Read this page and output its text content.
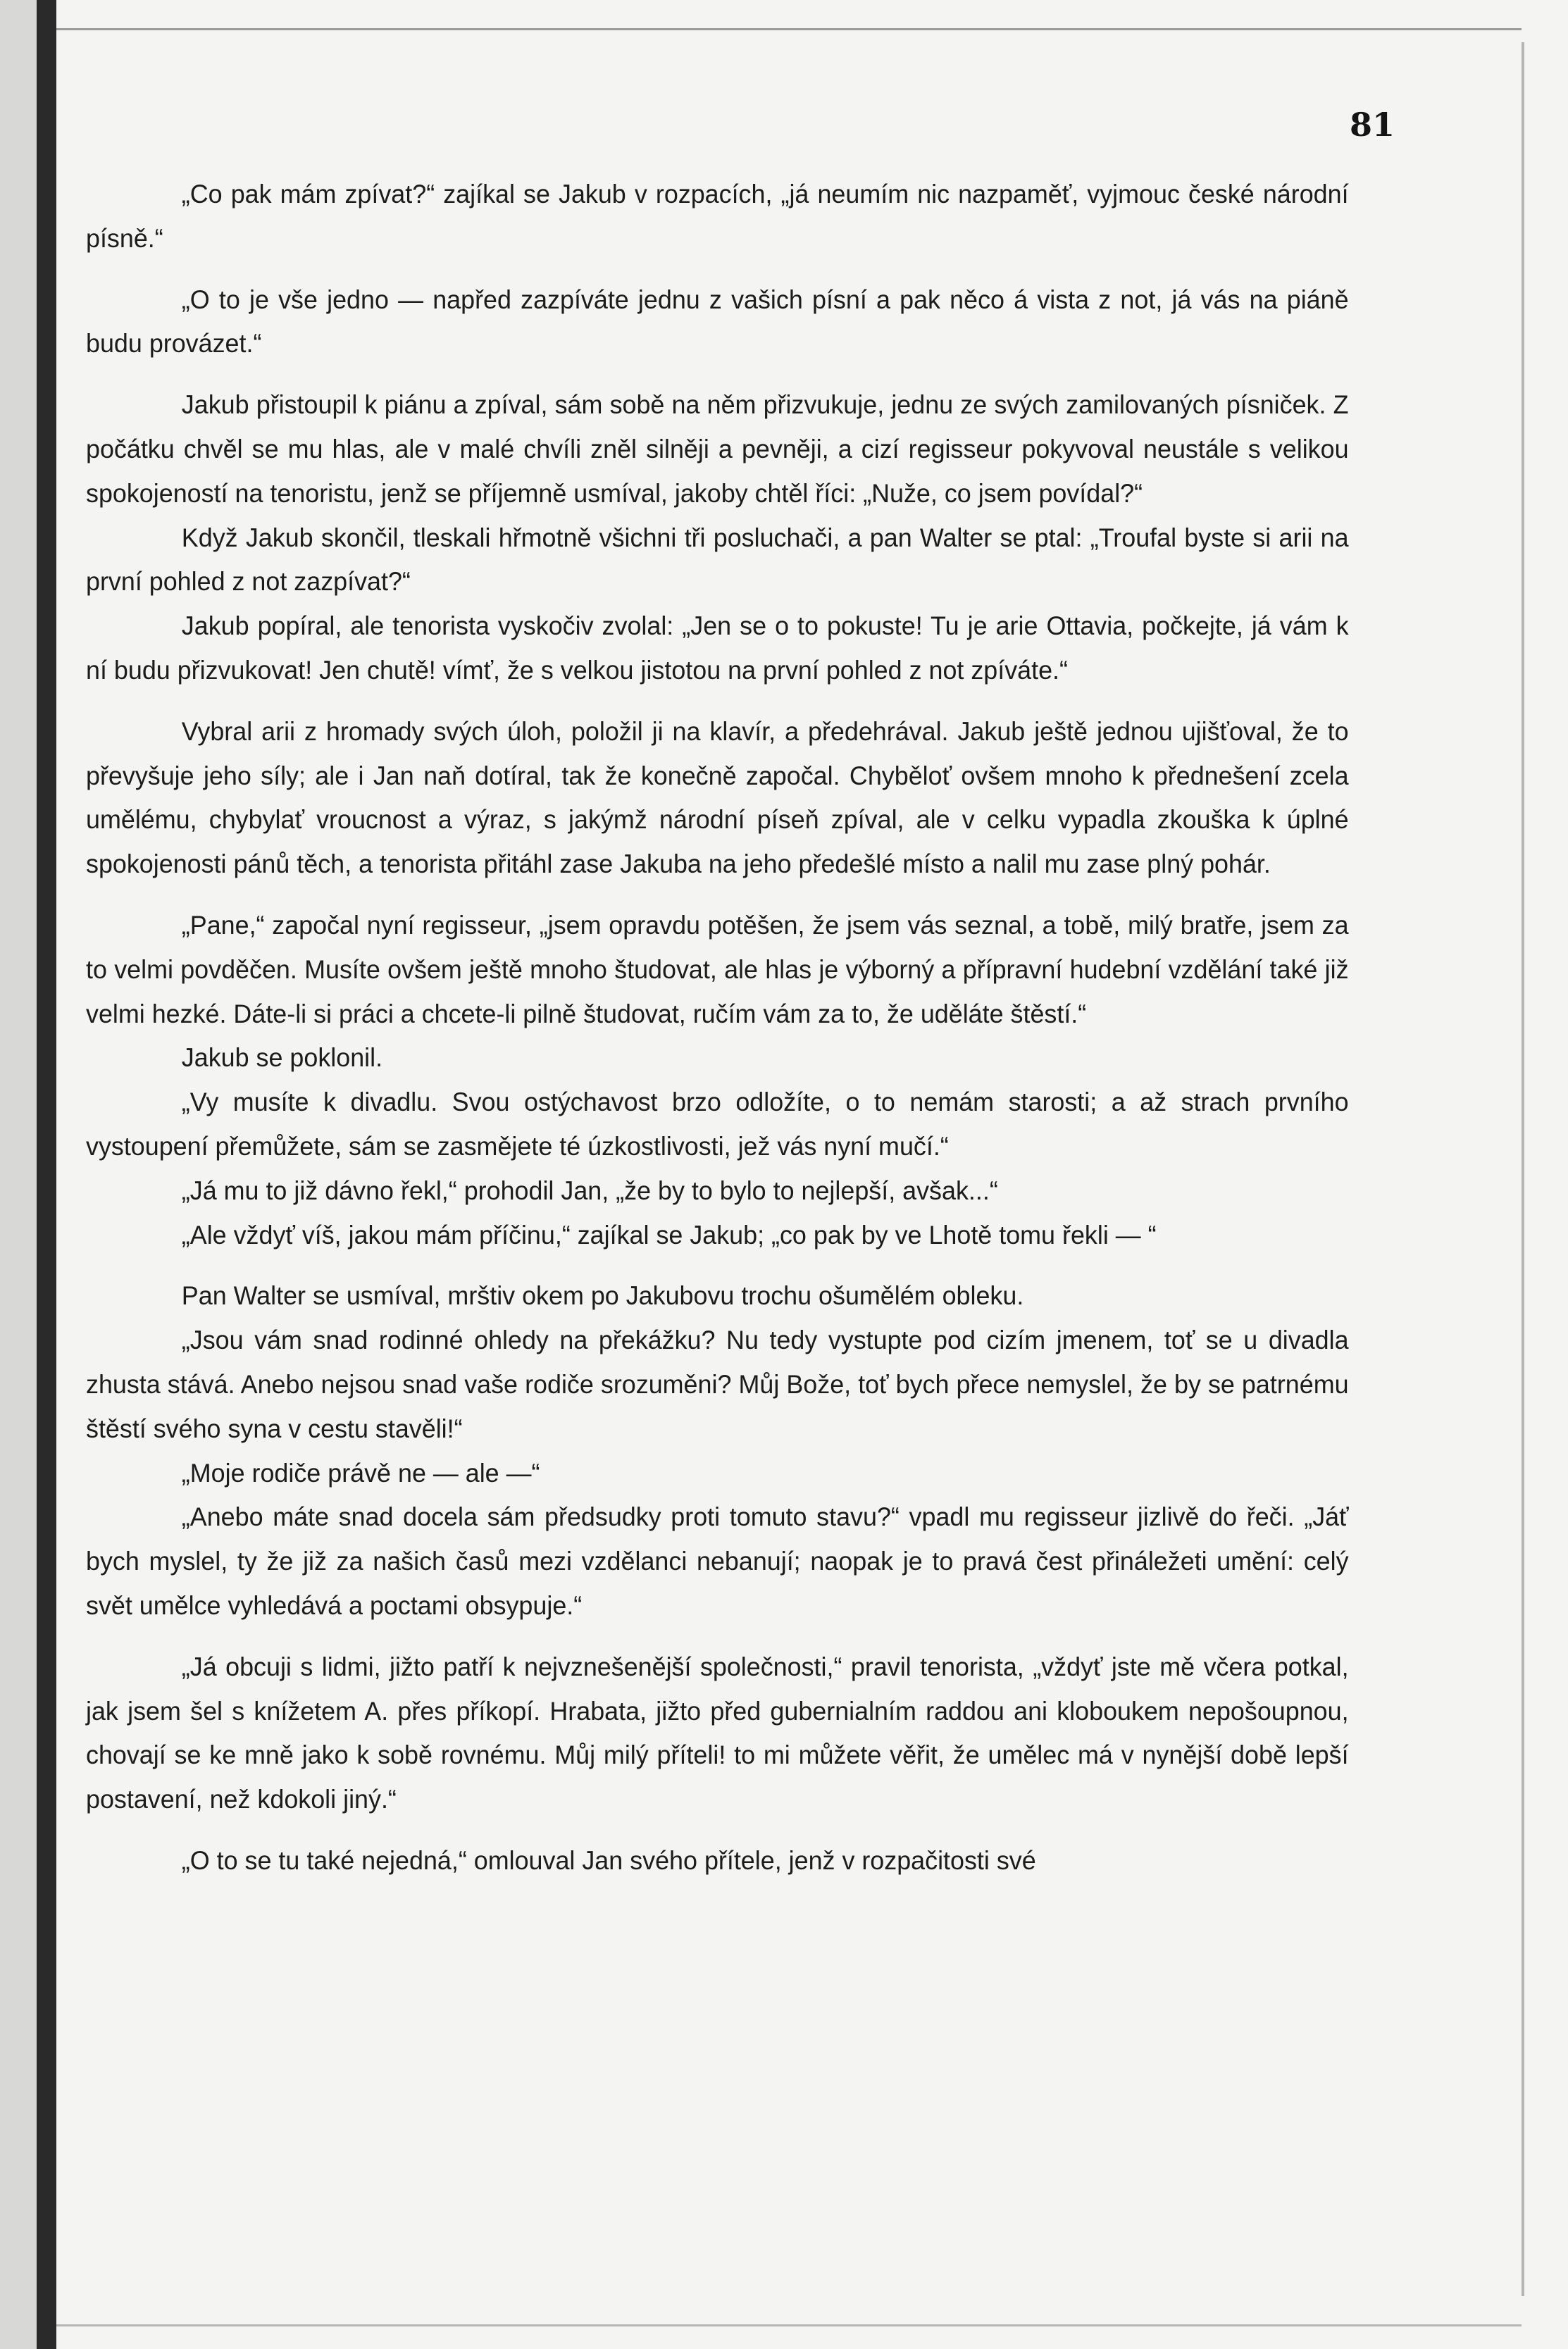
81

„Co pak mám zpívat?“ zajíkal se Jakub v rozpacích, „já neumím nic nazpaměť, vyjmouc české národní písně.“

„O to je vše jedno — napřed zazpíváte jednu z vašich písní a pak něco á vista z not, já vás na piáně budu provázet.“

Jakub přistoupil k piánu a zpíval, sám sobě na něm přizvukuje, jednu ze svých zamilovaných písniček. Z počátku chvěl se mu hlas, ale v malé chvíli zněl silněji a pevněji, a cizí regisseur pokyvoval neustále s velikou spokojeností na tenoristu, jenž se příjemně usmíval, jakoby chtěl říci: „Nuže, co jsem povídal?“

Když Jakub skončil, tleskali hřmotně všichni tři posluchači, a pan Walter se ptal: „Troufal byste si arii na první pohled z not zazpívat?“

Jakub popíral, ale tenorista vyskočiv zvolal: „Jen se o to pokuste! Tu je arie Ottavia, počkejte, já vám k ní budu přizvukovat! Jen chutě! vímť, že s velkou jistotou na první pohled z not zpíváte.“

Vybral arii z hromady svých úloh, položil ji na klavír, a předehrával. Jakub ještě jednou ujišťoval, že to převyšuje jeho síly; ale i Jan naň dotíral, tak že konečně započal. Chyběloť ovšem mnoho k přednešení zcela umělému, chybylať vroucnost a výraz, s jakýmž národní píseň zpíval, ale v celku vypadla zkouška k úplné spokojenosti pánů těch, a tenorista přitáhl zase Jakuba na jeho předešlé místo a nalil mu zase plný pohár.

„Pane,“ započal nyní regisseur, „jsem opravdu potěšen, že jsem vás seznal, a tobě, milý bratře, jsem za to velmi povděčen. Musíte ovšem ještě mnoho študovat, ale hlas je výborný a přípravní hudební vzdělání také již velmi hezké. Dáte-li si práci a chcete-li pilně študovat, ručím vám za to, že uděláte štěstí.“

Jakub se poklonil.

„Vy musíte k divadlu. Svou ostýchavost brzo odložíte, o to nemám starosti; a až strach prvního vystoupení přemůžete, sám se zasmějete té úzkostlivosti, jež vás nyní mučí.“

„Já mu to již dávno řekl,“ prohodil Jan, „že by to bylo to nejlepší, avšak...“

„Ale vždyť víš, jakou mám příčinu,“ zajíkal se Jakub; „co pak by ve Lhotě tomu řekli — “

Pan Walter se usmíval, mrštiv okem po Jakubovu trochu ošumělém obleku.

„Jsou vám snad rodinné ohledy na překážku? Nu tedy vystupte pod cizím jmenem, toť se u divadla zhusta stává. Anebo nejsou snad vaše rodiče srozuměni? Můj Bože, toť bych přece nemyslel, že by se patrnému štěstí svého syna v cestu stavěli!“

„Moje rodiče právě ne — ale —“

„Anebo máte snad docela sám předsudky proti tomuto stavu?“ vpadl mu regisseur jizlivě do řeči. „Jáť bych myslel, ty že již za našich časů mezi vzdělanci nebanují; naopak je to pravá čest přináležeti umění: celý svět umělce vyhledává a poctami obsypuje.“

„Já obcuji s lidmi, jižto patří k nejvznešenější společnosti,“ pravil tenorista, „vždyť jste mě včera potkal, jak jsem šel s knížetem A. přes příkopí. Hrabata, jižto před gubernialním raddou ani kloboukem nepošoupnou, chovají se ke mně jako k sobě rovnému. Můj milý příteli! to mi můžete věřit, že umělec má v nynější době lepší postavení, než kdokoli jiný.“

„O to se tu také nejedná,“ omlouval Jan svého přítele, jenž v rozpačitosti své
